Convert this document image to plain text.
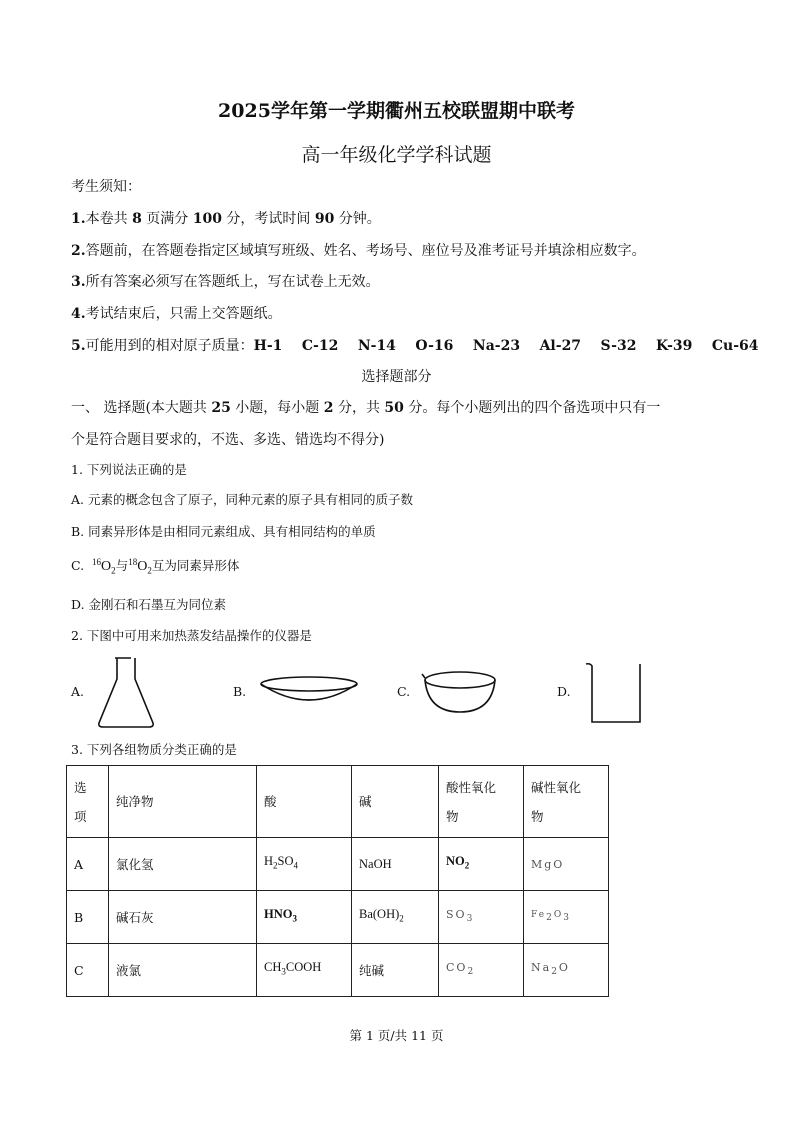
2025学年第一学期衢州五校联盟期中联考
高一年级化学学科试题
考生须知：
1.本卷共 8 页满分 100 分，考试时间 90 分钟。
2.答题前，在答题卷指定区域填写班级、姓名、考场号、座位号及准考证号并填涂相应数字。
3.所有答案必须写在答题纸上，写在试卷上无效。
4.考试结束后，只需上交答题纸。
5.可能用到的相对原子质量：H-1    C-12    N-14    O-16    Na-23    Al-27    S-32    K-39    Cu-64
选择题部分
一、 选择题(本大题共 25 小题，每小题 2 分，共 50 分。每个小题列出的四个备选项中只有一
个是符合题目要求的，不选、多选、错选均不得分)
1. 下列说法正确的是
A. 元素的概念包含了原子，同种元素的原子具有相同的质子数
B. 同素异形体是由相同元素组成、具有相同结构的单质
C. $^{16}O_2$与$^{18}O_2$互为同素异形体
D. 金刚石和石墨互为同位素
2. 下图中可用来加热蒸发结晶操作的仪器是
A.	B.	C.	D.
3. 下列各组物质分类正确的是
选
项	纯净物	酸	碱	酸性氧化
物	碱性氧化
物
A	氯化氢	$H_2SO_4$	NaOH	$NO_2$	MgO
B	碱石灰	$HNO_3$	$Ba(OH)_2$	$SO_3$	$Fe_2O_3$
C	液氯	$CH_3COOH$	纯碱	$CO_2$	$Na_2O$
第 1 页/共 11 页
